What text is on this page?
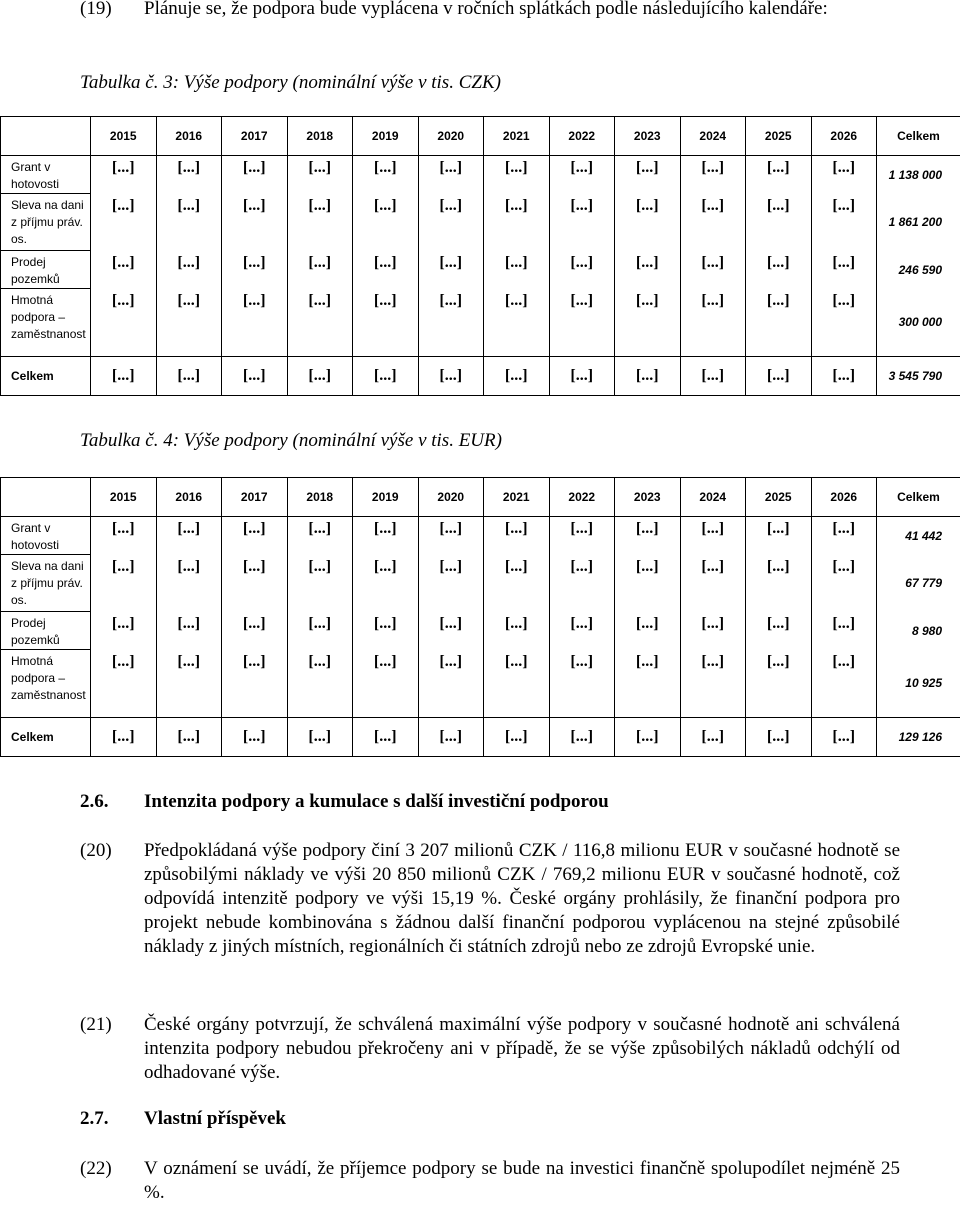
(19) Plánuje se, že podpora bude vyplácena v ročních splátkách podle následujícího kalendáře:
Tabulka č. 3: Výše podpory (nominální výše v tis. CZK)
	2015	2016	2017	2018	2019	2020	2021	2022	2023	2024	2025	2026	Celkem
Grant v hotovosti	[...]	[...]	[...]	[...]	[...]	[...]	[...]	[...]	[...]	[...]	[...]	[...]	1 138 000
Sleva na dani z příjmu práv. os.	[...]	[...]	[...]	[...]	[...]	[...]	[...]	[...]	[...]	[...]	[...]	[...]	1 861 200
Prodej pozemků	[...]	[...]	[...]	[...]	[...]	[...]	[...]	[...]	[...]	[...]	[...]	[...]	246 590
Hmotná podpora – zaměstnanost	[...]	[...]	[...]	[...]	[...]	[...]	[...]	[...]	[...]	[...]	[...]	[...]	300 000
Celkem	[...]	[...]	[...]	[...]	[...]	[...]	[...]	[...]	[...]	[...]	[...]	[...]	3 545 790
Tabulka č. 4: Výše podpory (nominální výše v tis. EUR)
	2015	2016	2017	2018	2019	2020	2021	2022	2023	2024	2025	2026	Celkem
Grant v hotovosti	[...]	[...]	[...]	[...]	[...]	[...]	[...]	[...]	[...]	[...]	[...]	[...]	41 442
Sleva na dani z příjmu práv. os.	[...]	[...]	[...]	[...]	[...]	[...]	[...]	[...]	[...]	[...]	[...]	[...]	67 779
Prodej pozemků	[...]	[...]	[...]	[...]	[...]	[...]	[...]	[...]	[...]	[...]	[...]	[...]	8 980
Hmotná podpora – zaměstnanost	[...]	[...]	[...]	[...]	[...]	[...]	[...]	[...]	[...]	[...]	[...]	[...]	10 925
Celkem	[...]	[...]	[...]	[...]	[...]	[...]	[...]	[...]	[...]	[...]	[...]	[...]	129 126
2.6. Intenzita podpory a kumulace s další investiční podporou
(20) Předpokládaná výše podpory činí 3 207 milionů CZK / 116,8 milionu EUR v současné hodnotě se způsobilými náklady ve výši 20 850 milionů CZK / 769,2 milionu EUR v současné hodnotě, což odpovídá intenzitě podpory ve výši 15,19 %. České orgány prohlásily, že finanční podpora pro projekt nebude kombinována s žádnou další finanční podporou vyplácenou na stejné způsobilé náklady z jiných místních, regionálních či státních zdrojů nebo ze zdrojů Evropské unie.
(21) České orgány potvrzují, že schválená maximální výše podpory v současné hodnotě ani schválená intenzita podpory nebudou překročeny ani v případě, že se výše způsobilých nákladů odchýlí od odhadované výše.
2.7. Vlastní příspěvek
(22) V oznámení se uvádí, že příjemce podpory se bude na investici finančně spolupodílet nejméně 25 %.
